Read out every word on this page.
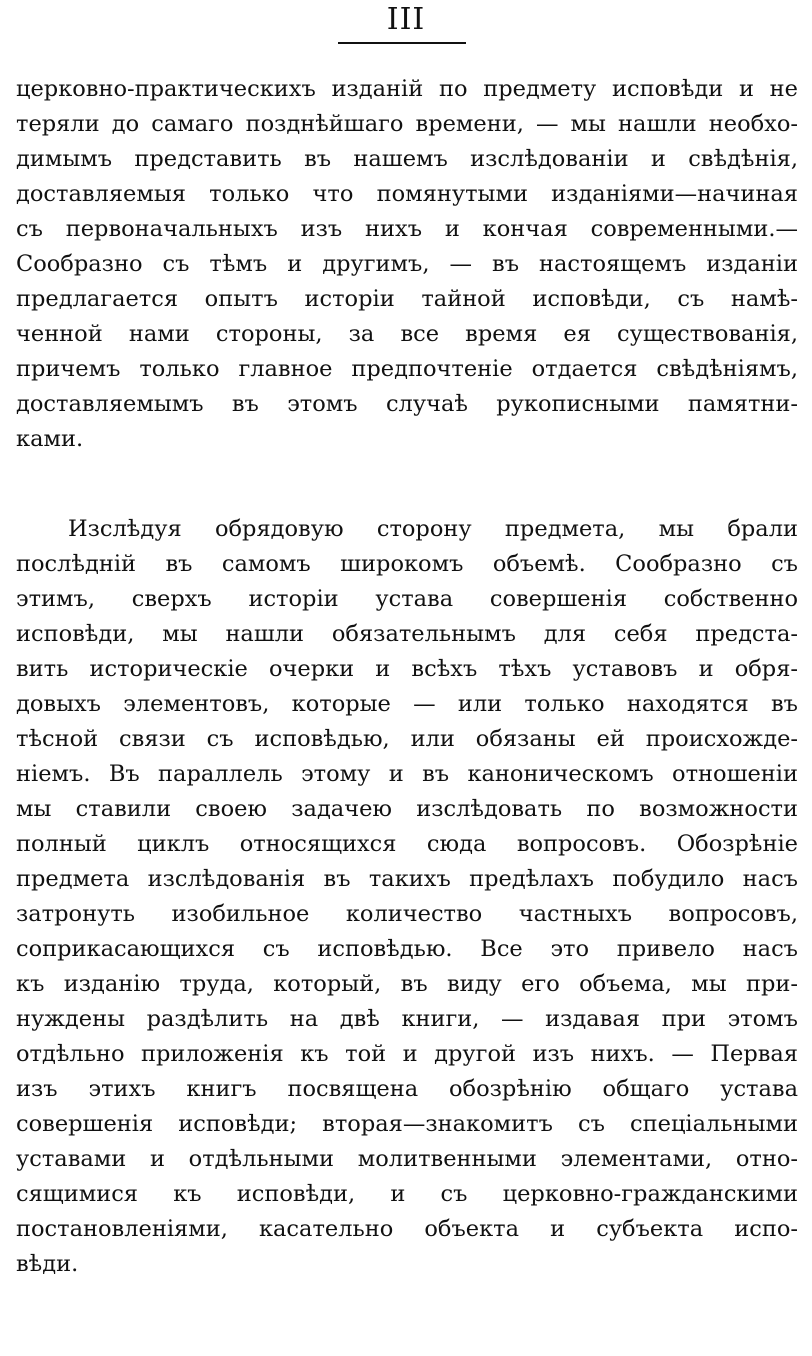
III
церковно-практическихъ изданій по предмету исповѣди и не
теряли до самаго позднѣйшаго времени, — мы нашли необхо-
димымъ представить въ нашемъ изслѣдованіи и свѣдѣнія,
доставляемыя только что помянутыми изданіями—начиная
съ первоначальныхъ изъ нихъ и кончая современными.—
Сообразно съ тѣмъ и другимъ, — въ настоящемъ изданіи
предлагается опытъ исторіи тайной исповѣди, съ намѣ-
ченной нами стороны, за все время ея существованія,
причемъ только главное предпочтеніе отдается свѣдѣніямъ,
доставляемымъ въ этомъ случаѣ рукописными памятни-
ками.
Изслѣдуя обрядовую сторону предмета, мы брали
послѣдній въ самомъ широкомъ объемѣ. Сообразно съ
этимъ, сверхъ исторіи устава совершенія собственно
исповѣди, мы нашли обязательнымъ для себя предста-
вить историческіе очерки и всѣхъ тѣхъ уставовъ и обря-
довыхъ элементовъ, которые — или только находятся въ
тѣсной связи съ исповѣдью, или обязаны ей происхожде-
ніемъ. Въ параллель этому и въ каноническомъ отношеніи
мы ставили своею задачею изслѣдовать по возможности
полный циклъ относящихся сюда вопросовъ. Обозрѣніе
предмета изслѣдованія въ такихъ предѣлахъ побудило насъ
затронуть изобильное количество частныхъ вопросовъ,
соприкасающихся съ исповѣдью. Все это привело насъ
къ изданію труда, который, въ виду его объема, мы при-
нуждены раздѣлить на двѣ книги, — издавая при этомъ
отдѣльно приложенія къ той и другой изъ нихъ. — Первая
изъ этихъ книгъ посвящена обозрѣнію общаго устава
совершенія исповѣди; вторая—знакомитъ съ спеціальными
уставами и отдѣльными молитвенными элементами, отно-
сящимися къ исповѣди, и съ церковно-гражданскими
постановленіями, касательно объекта и субъекта испо-
вѣди.
